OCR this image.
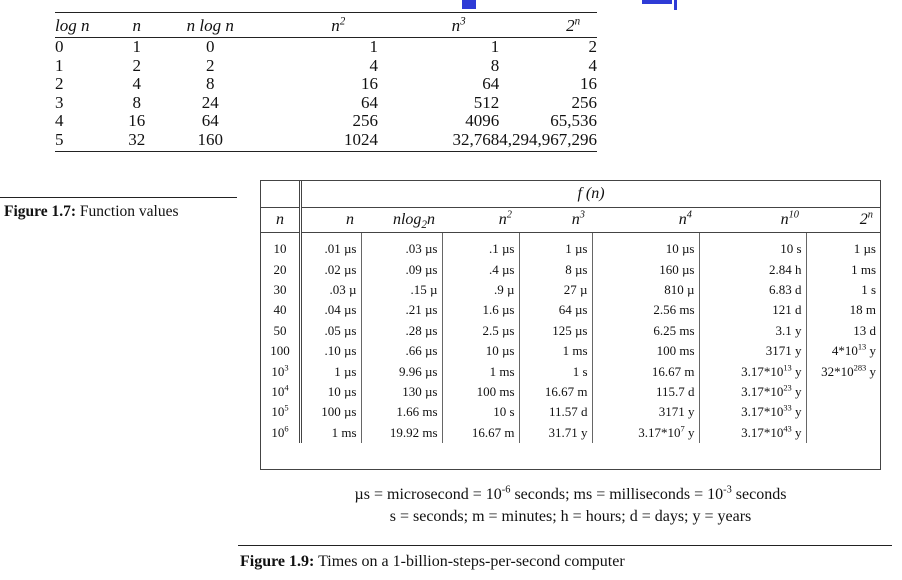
log n	n	n log n	$n^2$	$n^3$	2$^n$
0	1	0	1	1	2
1	2	2	4	8	4
2	4	8	16	64	16
3	8	24	64	512	256
4	16	64	256	4096	65,536
5	32	160	1024	32,768	4,294,967,296
Figure 1.7: Function values
	f (n)						
n	n	nlog$_2$n	$n^2$	$n^3$	$n^4$	$n^{10}$	2$^n$
10	.01 µs	.03 µs	.1 µs	1 µs	10 µs	10 s	1 µs
20	.02 µs	.09 µs	.4 µs	8 µs	160 µs	2.84 h	1 ms
30	.03 µ	.15 µ	.9 µ	27 µ	810 µ	6.83 d	1 s
40	.04 µs	.21 µs	1.6 µs	64 µs	2.56 ms	121 d	18 m
50	.05 µs	.28 µs	2.5 µs	125 µs	6.25 ms	3.1 y	13 d
100	.10 µs	.66 µs	10 µs	1 ms	100 ms	3171 y	$4*10^{13}$ y
$10^3$	1 µs	9.96 µs	1 ms	1 s	16.67 m	$3.17*10^{13}$ y	$32*10^{283}$ y
$10^4$	10 µs	130 µs	100 ms	16.67 m	115.7 d	$3.17*10^{23}$ y	
$10^5$	100 µs	1.66 ms	10 s	11.57 d	3171 y	$3.17*10^{33}$ y	
$10^6$	1 ms	19.92 ms	16.67 m	31.71 y	$3.17*10^7$ y	$3.17*10^{43}$ y	
µs = microsecond = $10^{-6}$ seconds; ms = milliseconds = $10^{-3}$ seconds
s = seconds; m = minutes; h = hours; d = days; y = years
Figure 1.9: Times on a 1-billion-steps-per-second computer
